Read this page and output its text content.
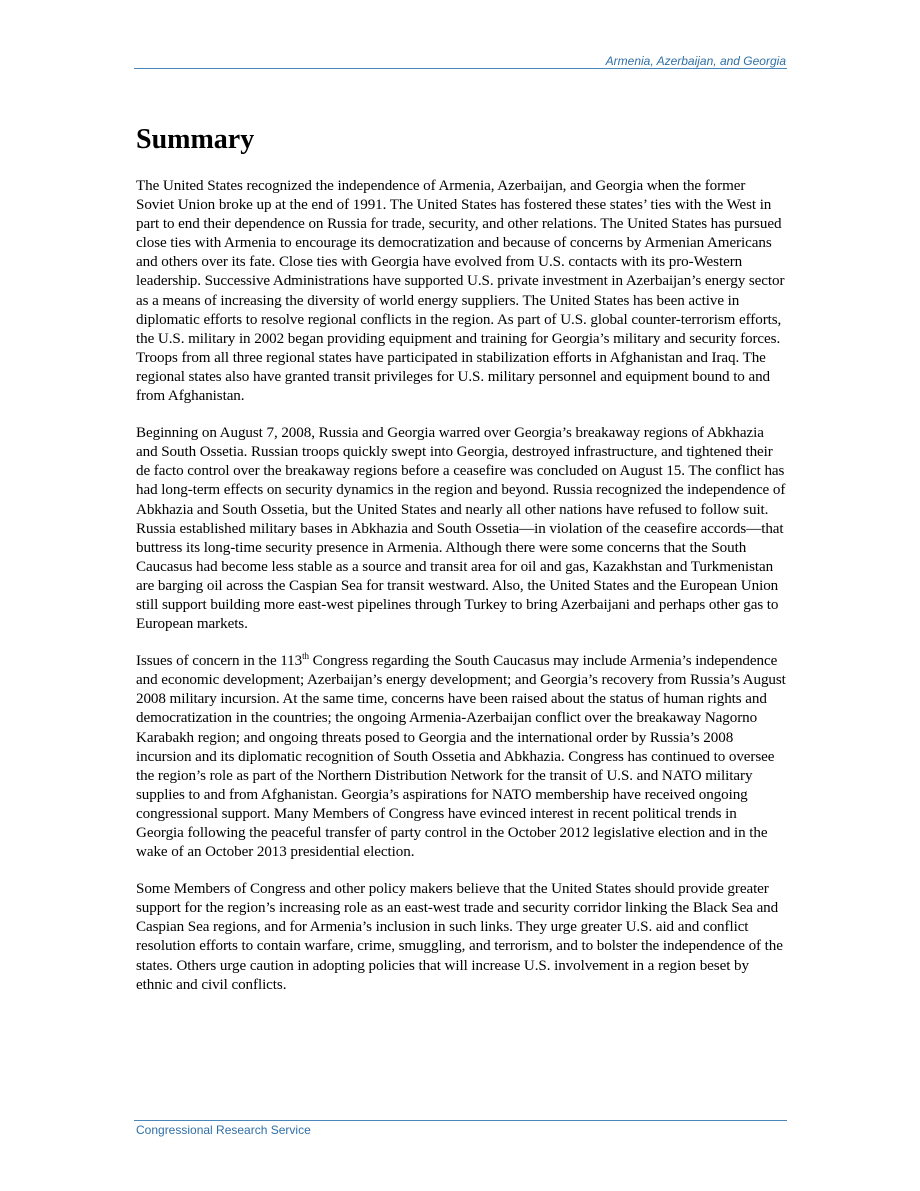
Armenia, Azerbaijan, and Georgia
Summary

The United States recognized the independence of Armenia, Azerbaijan, and Georgia when the former Soviet Union broke up at the end of 1991. The United States has fostered these states’ ties with the West in part to end their dependence on Russia for trade, security, and other relations. The United States has pursued close ties with Armenia to encourage its democratization and because of concerns by Armenian Americans and others over its fate. Close ties with Georgia have evolved from U.S. contacts with its pro-Western leadership. Successive Administrations have supported U.S. private investment in Azerbaijan’s energy sector as a means of increasing the diversity of world energy suppliers. The United States has been active in diplomatic efforts to resolve regional conflicts in the region. As part of U.S. global counter-terrorism efforts, the U.S. military in 2002 began providing equipment and training for Georgia’s military and security forces. Troops from all three regional states have participated in stabilization efforts in Afghanistan and Iraq. The regional states also have granted transit privileges for U.S. military personnel and equipment bound to and from Afghanistan.

Beginning on August 7, 2008, Russia and Georgia warred over Georgia’s breakaway regions of Abkhazia and South Ossetia. Russian troops quickly swept into Georgia, destroyed infrastructure, and tightened their de facto control over the breakaway regions before a ceasefire was concluded on August 15. The conflict has had long-term effects on security dynamics in the region and beyond. Russia recognized the independence of Abkhazia and South Ossetia, but the United States and nearly all other nations have refused to follow suit. Russia established military bases in Abkhazia and South Ossetia—in violation of the ceasefire accords—that buttress its long-time security presence in Armenia. Although there were some concerns that the South Caucasus had become less stable as a source and transit area for oil and gas, Kazakhstan and Turkmenistan are barging oil across the Caspian Sea for transit westward. Also, the United States and the European Union still support building more east-west pipelines through Turkey to bring Azerbaijani and perhaps other gas to European markets.

Issues of concern in the 113th Congress regarding the South Caucasus may include Armenia’s independence and economic development; Azerbaijan’s energy development; and Georgia’s recovery from Russia’s August 2008 military incursion. At the same time, concerns have been raised about the status of human rights and democratization in the countries; the ongoing Armenia-Azerbaijan conflict over the breakaway Nagorno Karabakh region; and ongoing threats posed to Georgia and the international order by Russia’s 2008 incursion and its diplomatic recognition of South Ossetia and Abkhazia. Congress has continued to oversee the region’s role as part of the Northern Distribution Network for the transit of U.S. and NATO military supplies to and from Afghanistan. Georgia’s aspirations for NATO membership have received ongoing congressional support. Many Members of Congress have evinced interest in recent political trends in Georgia following the peaceful transfer of party control in the October 2012 legislative election and in the wake of an October 2013 presidential election.

Some Members of Congress and other policy makers believe that the United States should provide greater support for the region’s increasing role as an east-west trade and security corridor linking the Black Sea and Caspian Sea regions, and for Armenia’s inclusion in such links. They urge greater U.S. aid and conflict resolution efforts to contain warfare, crime, smuggling, and terrorism, and to bolster the independence of the states. Others urge caution in adopting policies that will increase U.S. involvement in a region beset by ethnic and civil conflicts.

Congressional Research Service
